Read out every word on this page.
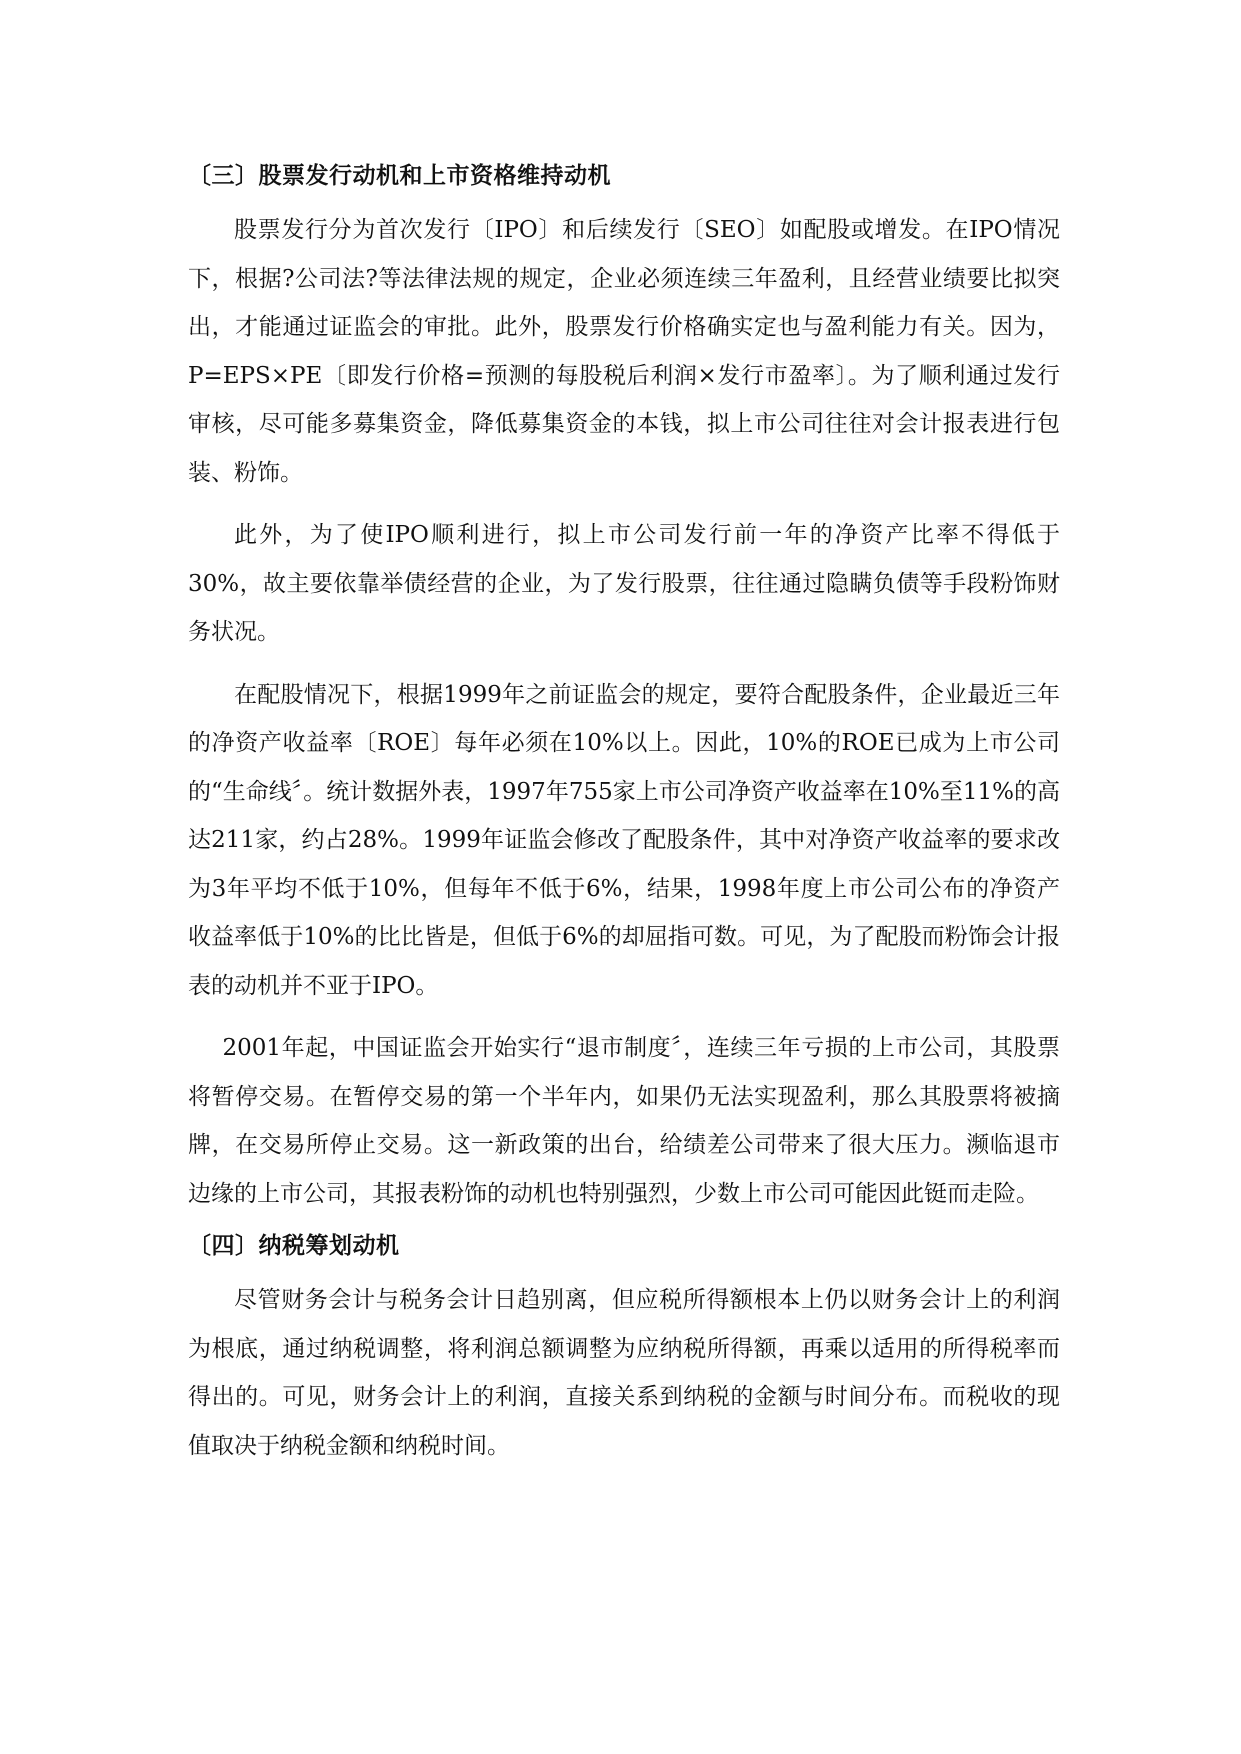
〔三〕股票发行动机和上市资格维持动机

股票发行分为首次发行〔IPO〕和后续发行〔SEO〕如配股或增发。在IPO情况下，根据?公司法?等法律法规的规定，企业必须连续三年盈利，且经营业绩要比拟突出，才能通过证监会的审批。此外，股票发行价格确实定也与盈利能力有关。因为，P=EPS×PE〔即发行价格=预测的每股税后利润×发行市盈率〕。为了顺利通过发行审核，尽可能多募集资金，降低募集资金的本钱，拟上市公司往往对会计报表进行包装、粉饰。

此外，为了使IPO顺利进行，拟上市公司发行前一年的净资产比率不得低于30%，故主要依靠举债经营的企业，为了发行股票，往往通过隐瞒负债等手段粉饰财务状况。

在配股情况下，根据1999年之前证监会的规定，要符合配股条件，企业最近三年的净资产收益率〔ROE〕每年必须在10%以上。因此，10%的ROE已成为上市公司的“生命线〞。统计数据外表，1997年755家上市公司净资产收益率在10%至11%的高达211家，约占28%。1999年证监会修改了配股条件，其中对净资产收益率的要求改为3年平均不低于10%，但每年不低于6%，结果，1998年度上市公司公布的净资产收益率低于10%的比比皆是，但低于6%的却屈指可数。可见，为了配股而粉饰会计报表的动机并不亚于IPO。

2001年起，中国证监会开始实行“退市制度〞，连续三年亏损的上市公司，其股票将暂停交易。在暂停交易的第一个半年内，如果仍无法实现盈利，那么其股票将被摘牌，在交易所停止交易。这一新政策的出台，给绩差公司带来了很大压力。濒临退市边缘的上市公司，其报表粉饰的动机也特别强烈，少数上市公司可能因此铤而走险。

〔四〕纳税筹划动机

尽管财务会计与税务会计日趋别离，但应税所得额根本上仍以财务会计上的利润为根底，通过纳税调整，将利润总额调整为应纳税所得额，再乘以适用的所得税率而得出的。可见，财务会计上的利润，直接关系到纳税的金额与时间分布。而税收的现值取决于纳税金额和纳税时间。
